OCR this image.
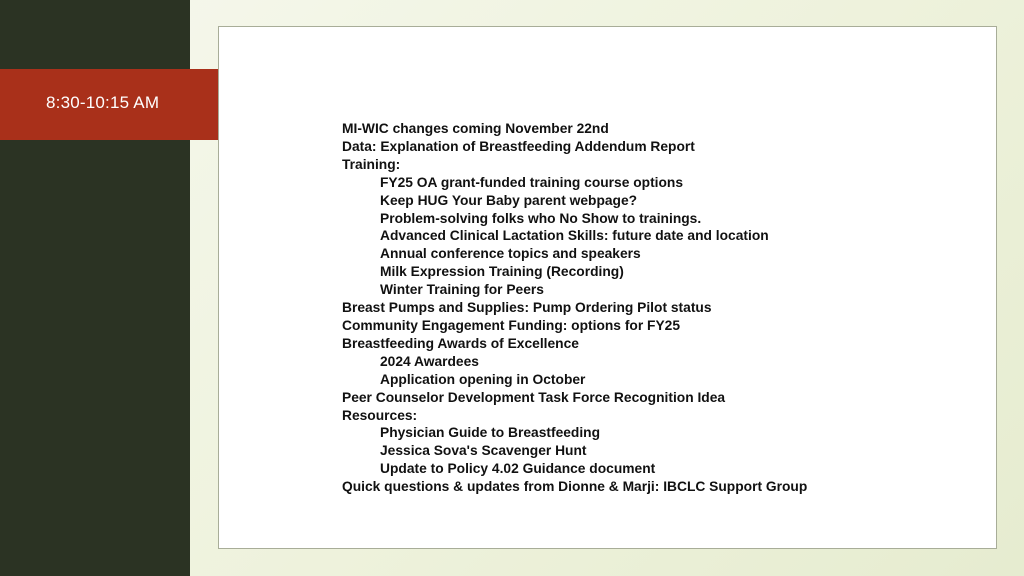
8:30-10:15 AM
MI-WIC changes coming November 22nd
Data: Explanation of Breastfeeding Addendum Report
Training:
FY25 OA grant-funded training course options
Keep HUG Your Baby parent webpage?
Problem-solving folks who No Show to trainings.
Advanced Clinical Lactation Skills: future date and location
Annual conference topics and speakers
Milk Expression Training (Recording)
Winter Training for Peers
Breast Pumps and Supplies: Pump Ordering Pilot status
Community Engagement Funding: options for FY25
Breastfeeding Awards of Excellence
2024 Awardees
Application opening in October
Peer Counselor Development Task Force Recognition Idea
Resources:
Physician Guide to Breastfeeding
Jessica Sova's Scavenger Hunt
Update to Policy 4.02 Guidance document
Quick questions & updates from Dionne & Marji: IBCLC Support Group
